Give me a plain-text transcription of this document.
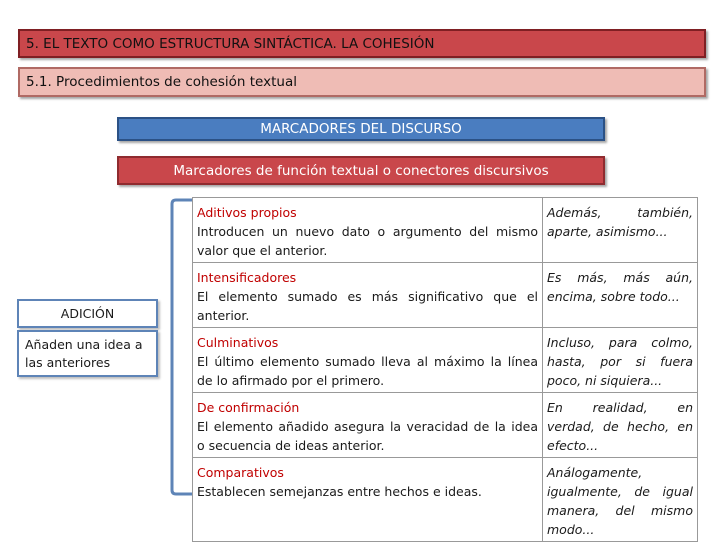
5. EL TEXTO COMO ESTRUCTURA SINTÁCTICA. LA COHESIÓN
5.1. Procedimientos de cohesión textual
MARCADORES DEL DISCURSO
Marcadores de función textual o conectores discursivos
ADICIÓN
Añaden una idea a las anteriores
Aditivos propios
Introducen un nuevo dato o argumento del mismo valor que el anterior.	Además, también, aparte, asimismo...

Intensificadores
El elemento sumado es más significativo que el anterior.	Es más, más aún, encima, sobre todo...

Culminativos
El último elemento sumado lleva al máximo la línea de lo afirmado por el primero.	Incluso, para colmo, hasta, por si fuera poco, ni siquiera...

De confirmación
El elemento añadido asegura la veracidad de la idea o secuencia de ideas anterior.	En realidad, en verdad, de hecho, en efecto...

Comparativos
Establecen semejanzas entre hechos e ideas.	Análogamente, igualmente, de igual manera, del mismo modo...
